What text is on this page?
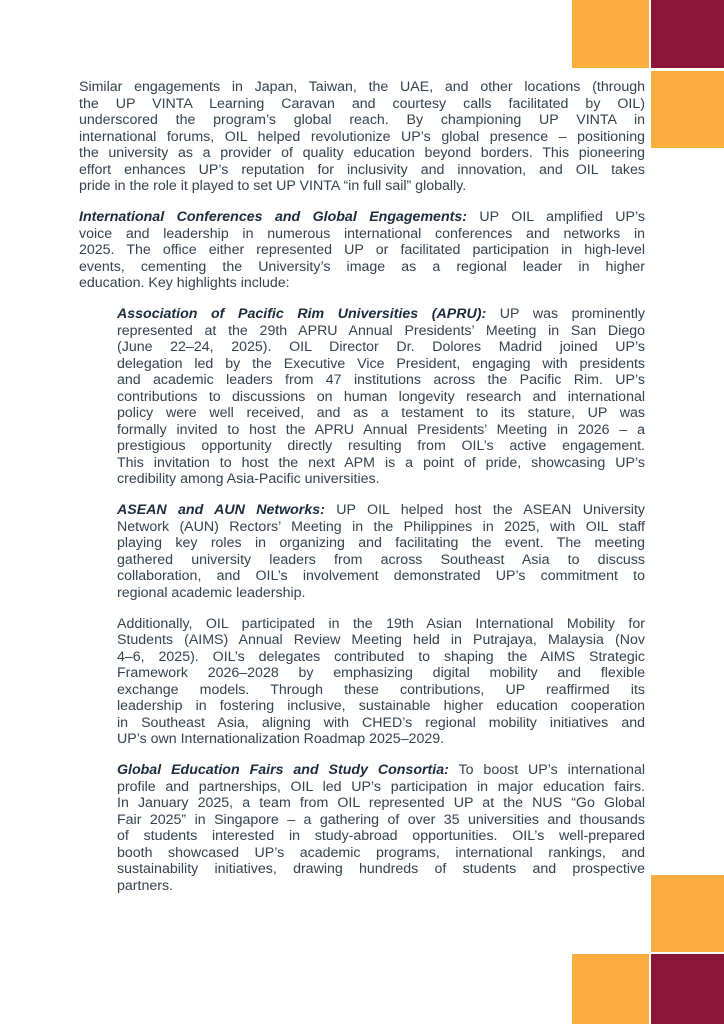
Similar engagements in Japan, Taiwan, the UAE, and other locations (through
the UP VINTA Learning Caravan and courtesy calls facilitated by OIL)
underscored the program’s global reach. By championing UP VINTA in
international forums, OIL helped revolutionize UP’s global presence – positioning
the university as a provider of quality education beyond borders. This pioneering
effort enhances UP’s reputation for inclusivity and innovation, and OIL takes
pride in the role it played to set UP VINTA “in full sail” globally.
International Conferences and Global Engagements: UP OIL amplified UP’s
voice and leadership in numerous international conferences and networks in
2025. The office either represented UP or facilitated participation in high-level
events, cementing the University’s image as a regional leader in higher
education. Key highlights include:
Association of Pacific Rim Universities (APRU): UP was prominently
represented at the 29th APRU Annual Presidents’ Meeting in San Diego
(June 22–24, 2025). OIL Director Dr. Dolores Madrid joined UP’s
delegation led by the Executive Vice President, engaging with presidents
and academic leaders from 47 institutions across the Pacific Rim. UP’s
contributions to discussions on human longevity research and international
policy were well received, and as a testament to its stature, UP was
formally invited to host the APRU Annual Presidents’ Meeting in 2026 – a
prestigious opportunity directly resulting from OIL’s active engagement.
This invitation to host the next APM is a point of pride, showcasing UP’s
credibility among Asia-Pacific universities.
ASEAN and AUN Networks: UP OIL helped host the ASEAN University
Network (AUN) Rectors’ Meeting in the Philippines in 2025, with OIL staff
playing key roles in organizing and facilitating the event. The meeting
gathered university leaders from across Southeast Asia to discuss
collaboration, and OIL’s involvement demonstrated UP’s commitment to
regional academic leadership.
Additionally, OIL participated in the 19th Asian International Mobility for
Students (AIMS) Annual Review Meeting held in Putrajaya, Malaysia (Nov
4–6, 2025). OIL’s delegates contributed to shaping the AIMS Strategic
Framework 2026–2028 by emphasizing digital mobility and flexible
exchange models. Through these contributions, UP reaffirmed its
leadership in fostering inclusive, sustainable higher education cooperation
in Southeast Asia, aligning with CHED’s regional mobility initiatives and
UP’s own Internationalization Roadmap 2025–2029.
Global Education Fairs and Study Consortia: To boost UP’s international
profile and partnerships, OIL led UP’s participation in major education fairs.
In January 2025, a team from OIL represented UP at the NUS “Go Global
Fair 2025” in Singapore – a gathering of over 35 universities and thousands
of students interested in study-abroad opportunities. OIL’s well-prepared
booth showcased UP’s academic programs, international rankings, and
sustainability initiatives, drawing hundreds of students and prospective
partners.
